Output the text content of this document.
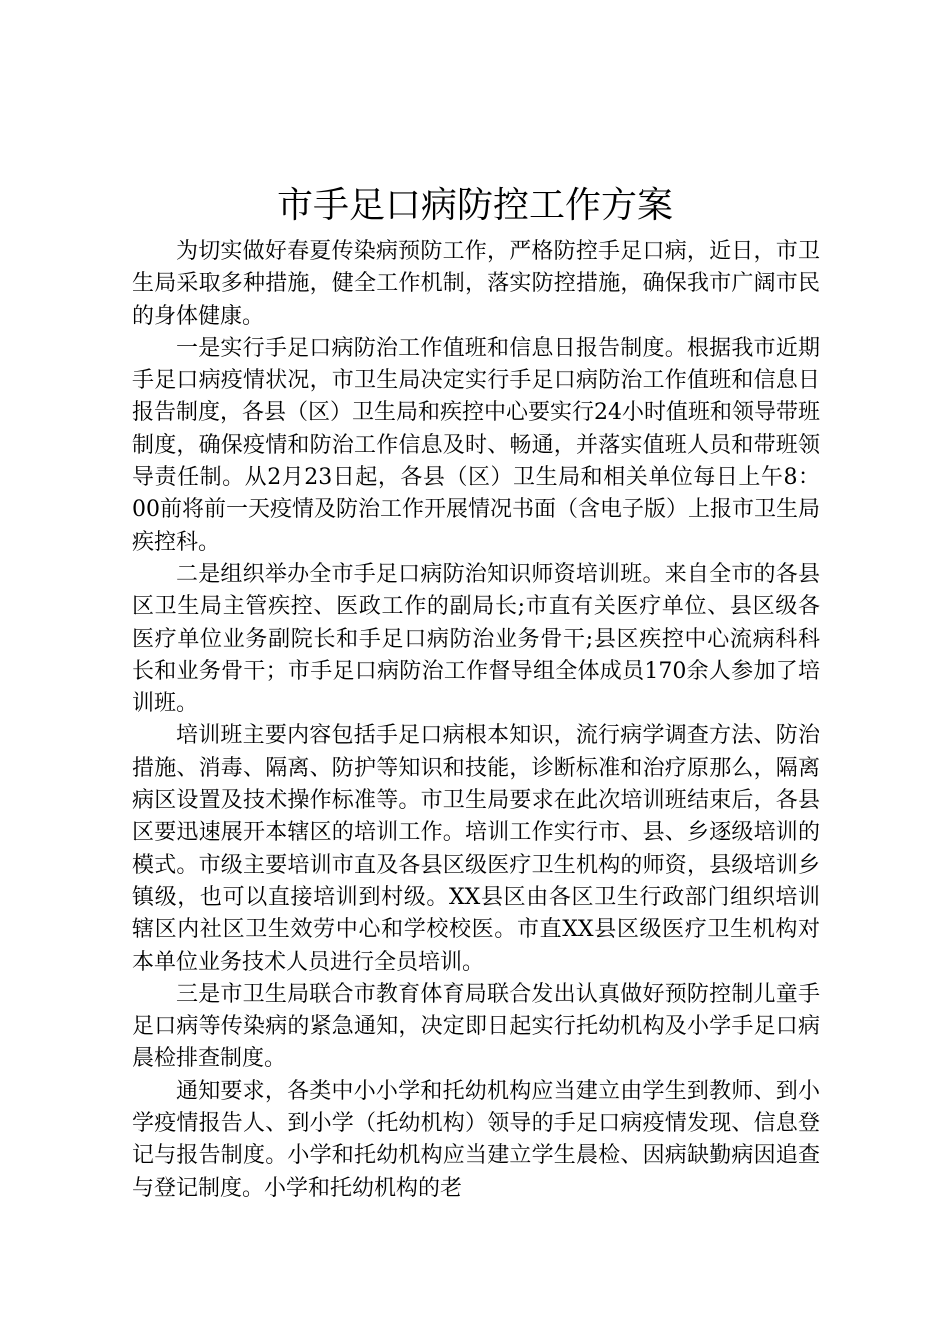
市手足口病防控工作方案

为切实做好春夏传染病预防工作，严格防控手足口病，近日，市卫生局采取多种措施，健全工作机制，落实防控措施，确保我市广阔市民的身体健康。

一是实行手足口病防治工作值班和信息日报告制度。根据我市近期手足口病疫情状况，市卫生局决定实行手足口病防治工作值班和信息日报告制度，各县（区）卫生局和疾控中心要实行24小时值班和领导带班制度，确保疫情和防治工作信息及时、畅通，并落实值班人员和带班领导责任制。从2月23日起，各县（区）卫生局和相关单位每日上午8：00前将前一天疫情及防治工作开展情况书面（含电子版）上报市卫生局疾控科。

二是组织举办全市手足口病防治知识师资培训班。来自全市的各县区卫生局主管疾控、医政工作的副局长;市直有关医疗单位、县区级各医疗单位业务副院长和手足口病防治业务骨干;县区疾控中心流病科科长和业务骨干；市手足口病防治工作督导组全体成员170余人参加了培训班。

培训班主要内容包括手足口病根本知识，流行病学调查方法、防治措施、消毒、隔离、防护等知识和技能，诊断标准和治疗原那么，隔离病区设置及技术操作标准等。市卫生局要求在此次培训班结束后，各县区要迅速展开本辖区的培训工作。培训工作实行市、县、乡逐级培训的模式。市级主要培训市直及各县区级医疗卫生机构的师资，县级培训乡镇级，也可以直接培训到村级。XX县区由各区卫生行政部门组织培训辖区内社区卫生效劳中心和学校校医。市直XX县区级医疗卫生机构对本单位业务技术人员进行全员培训。

三是市卫生局联合市教育体育局联合发出认真做好预防控制儿童手足口病等传染病的紧急通知，决定即日起实行托幼机构及小学手足口病晨检排查制度。

通知要求，各类中小小学和托幼机构应当建立由学生到教师、到小学疫情报告人、到小学（托幼机构）领导的手足口病疫情发现、信息登记与报告制度。小学和托幼机构应当建立学生晨检、因病缺勤病因追查与登记制度。小学和托幼机构的老
